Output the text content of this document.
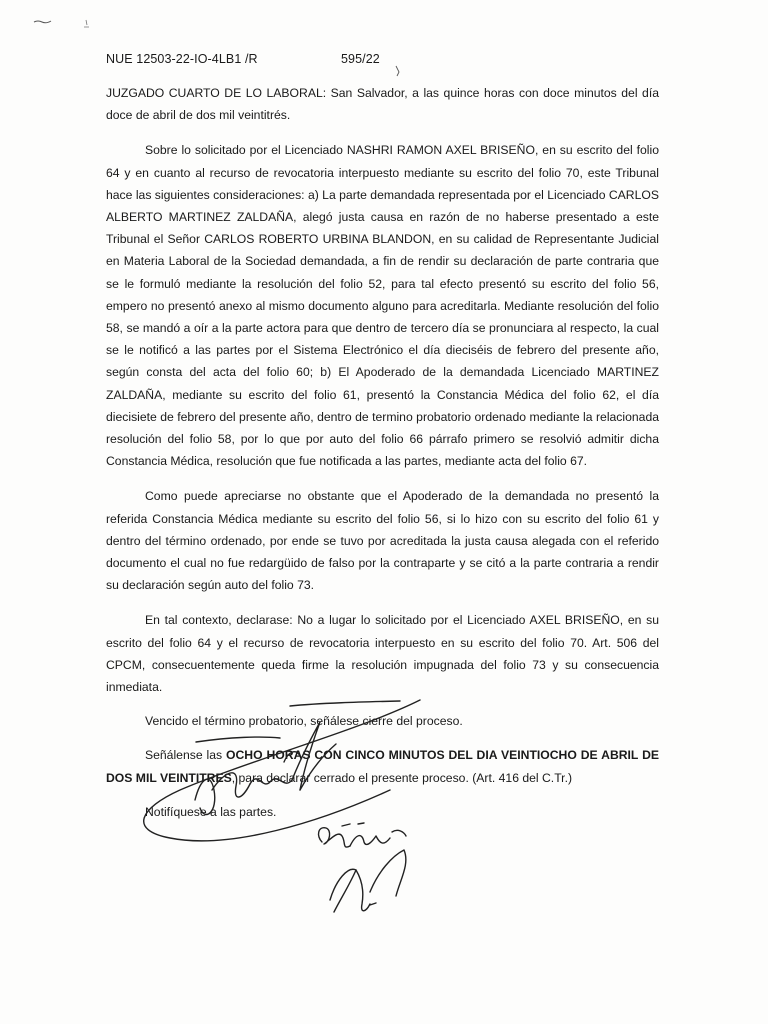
NUE 12503-22-IO-4LB1 /R	595/22

JUZGADO CUARTO DE LO LABORAL: San Salvador, a las quince horas con doce minutos del día doce de abril de dos mil veintitrés.

Sobre lo solicitado por el Licenciado NASHRI RAMON AXEL BRISEÑO, en su escrito del folio 64 y en cuanto al recurso de revocatoria interpuesto mediante su escrito del folio 70, este Tribunal hace las siguientes consideraciones: a) La parte demandada representada por el Licenciado CARLOS ALBERTO MARTINEZ ZALDAÑA, alegó justa causa en razón de no haberse presentado a este Tribunal el Señor CARLOS ROBERTO URBINA BLANDON, en su calidad de Representante Judicial en Materia Laboral de la Sociedad demandada, a fin de rendir su declaración de parte contraria que se le formuló mediante la resolución del folio 52, para tal efecto presentó su escrito del folio 56, empero no presentó anexo al mismo documento alguno para acreditarla. Mediante resolución del folio 58, se mandó a oír a la parte actora para que dentro de tercero día se pronunciara al respecto, la cual se le notificó a las partes por el Sistema Electrónico el día dieciséis de febrero del presente año, según consta del acta del folio 60; b) El Apoderado de la demandada Licenciado MARTINEZ ZALDAÑA, mediante su escrito del folio 61, presentó la Constancia Médica del folio 62, el día diecisiete de febrero del presente año, dentro de termino probatorio ordenado mediante la relacionada resolución del folio 58, por lo que por auto del folio 66 párrafo primero se resolvió admitir dicha Constancia Médica, resolución que fue notificada a las partes, mediante acta del folio 67.

Como puede apreciarse no obstante que el Apoderado de la demandada no presentó la referida Constancia Médica mediante su escrito del folio 56, si lo hizo con su escrito del folio 61 y dentro del término ordenado, por ende se tuvo por acreditada la justa causa alegada con el referido documento el cual no fue redargüido de falso por la contraparte y se citó a la parte contraria a rendir su declaración según auto del folio 73.

En tal contexto, declarase: No a lugar lo solicitado por el Licenciado AXEL BRISEÑO, en su escrito del folio 64 y el recurso de revocatoria interpuesto en su escrito del folio 70. Art. 506 del CPCM, consecuentemente queda firme la resolución impugnada del folio 73 y su consecuencia inmediata.

Vencido el término probatorio, señálese cierre del proceso.

Señálense las OCHO HORAS CON CINCO MINUTOS DEL DIA VEINTIOCHO DE ABRIL DE DOS MIL VEINTITRES, para declarar cerrado el presente proceso. (Art. 416 del C.Tr.)

Notifíquese a las partes.
